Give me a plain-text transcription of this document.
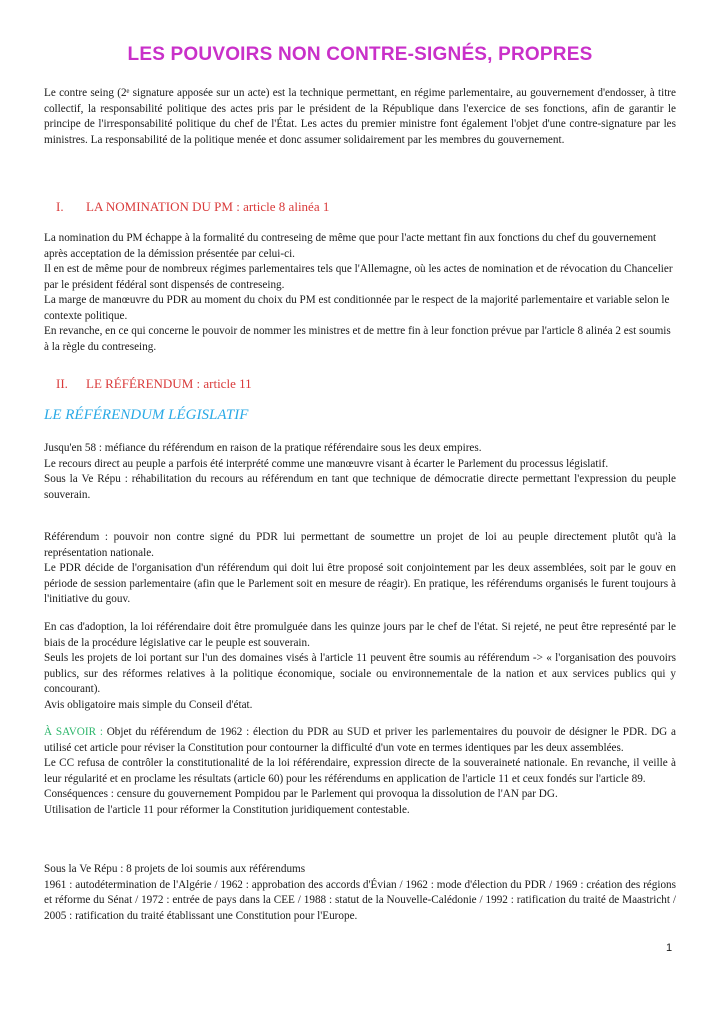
LES POUVOIRS NON CONTRE-SIGNÉS, PROPRES

Le contre seing (2ᵉ signature apposée sur un acte) est la technique permettant, en régime parlementaire, au gouvernement d'endosser, à titre collectif, la responsabilité politique des actes pris par le président de la République dans l'exercice de ses fonctions, afin de garantir le principe de l'irresponsabilité politique du chef de l'État. Les actes du premier ministre font également l'objet d'une contre-signature par les ministres. La responsabilité de la politique menée et donc assumer solidairement par les membres du gouvernement.

I. LA NOMINATION DU PM : article 8 alinéa 1

La nomination du PM échappe à la formalité du contreseing de même que pour l'acte mettant fin aux fonctions du chef du gouvernement après acceptation de la démission présentée par celui-ci.

Il en est de même pour de nombreux régimes parlementaires tels que l'Allemagne, où les actes de nomination et de révocation du Chancelier par le président fédéral sont dispensés de contreseing.

La marge de manœuvre du PDR au moment du choix du PM est conditionnée par le respect de la majorité parlementaire et variable selon le contexte politique.

En revanche, en ce qui concerne le pouvoir de nommer les ministres et de mettre fin à leur fonction prévue par l'article 8 alinéa 2 est soumis à la règle du contreseing.

II. LE RÉFÉRENDUM : article 11
LE RÉFÉRENDUM LÉGISLATIF

Jusqu'en 58 : méfiance du référendum en raison de la pratique référendaire sous les deux empires.

Le recours direct au peuple a parfois été interprété comme une manœuvre visant à écarter le Parlement du processus législatif.

Sous la Ve Répu : réhabilitation du recours au référendum en tant que technique de démocratie directe permettant l'expression du peuple souverain.

Référendum : pouvoir non contre signé du PDR lui permettant de soumettre un projet de loi au peuple directement plutôt qu'à la représentation nationale.

Le PDR décide de l'organisation d'un référendum qui doit lui être proposé soit conjointement par les deux assemblées, soit par le gouv en période de session parlementaire (afin que le Parlement soit en mesure de réagir). En pratique, les référendums organisés le furent toujours à l'initiative du gouv.

En cas d'adoption, la loi référendaire doit être promulguée dans les quinze jours par le chef de l'état. Si rejeté, ne peut être represénté par le biais de la procédure législative car le peuple est souverain.

Seuls les projets de loi portant sur l'un des domaines visés à l'article 11 peuvent être soumis au référendum -> « l'organisation des pouvoirs publics, sur des réformes relatives à la politique économique, sociale ou environnementale de la nation et aux services publics qui y concourant).

Avis obligatoire mais simple du Conseil d'état.

À SAVOIR : Objet du référendum de 1962 : élection du PDR au SUD et priver les parlementaires du pouvoir de désigner le PDR. DG a utilisé cet article pour réviser la Constitution pour contourner la difficulté d'un vote en termes identiques par les deux assemblées.

Le CC refusa de contrôler la constitutionalité de la loi référendaire, expression directe de la souveraineté nationale. En revanche, il veille à leur régularité et en proclame les résultats (article 60) pour les référendums en application de l'article 11 et ceux fondés sur l'article 89.

Conséquences : censure du gouvernement Pompidou par le Parlement qui provoqua la dissolution de l'AN par DG.

Utilisation de l'article 11 pour réformer la Constitution juridiquement contestable.

Sous la Ve Répu : 8 projets de loi soumis aux référendums

1961 : autodétermination de l'Algérie / 1962 : approbation des accords d'Évian / 1962 : mode d'élection du PDR / 1969 : création des régions et réforme du Sénat / 1972 : entrée de pays dans la CEE / 1988 : statut de la Nouvelle-Calédonie / 1992 : ratification du traité de Maastricht / 2005 : ratification du traité établissant une Constitution pour l'Europe.

1
